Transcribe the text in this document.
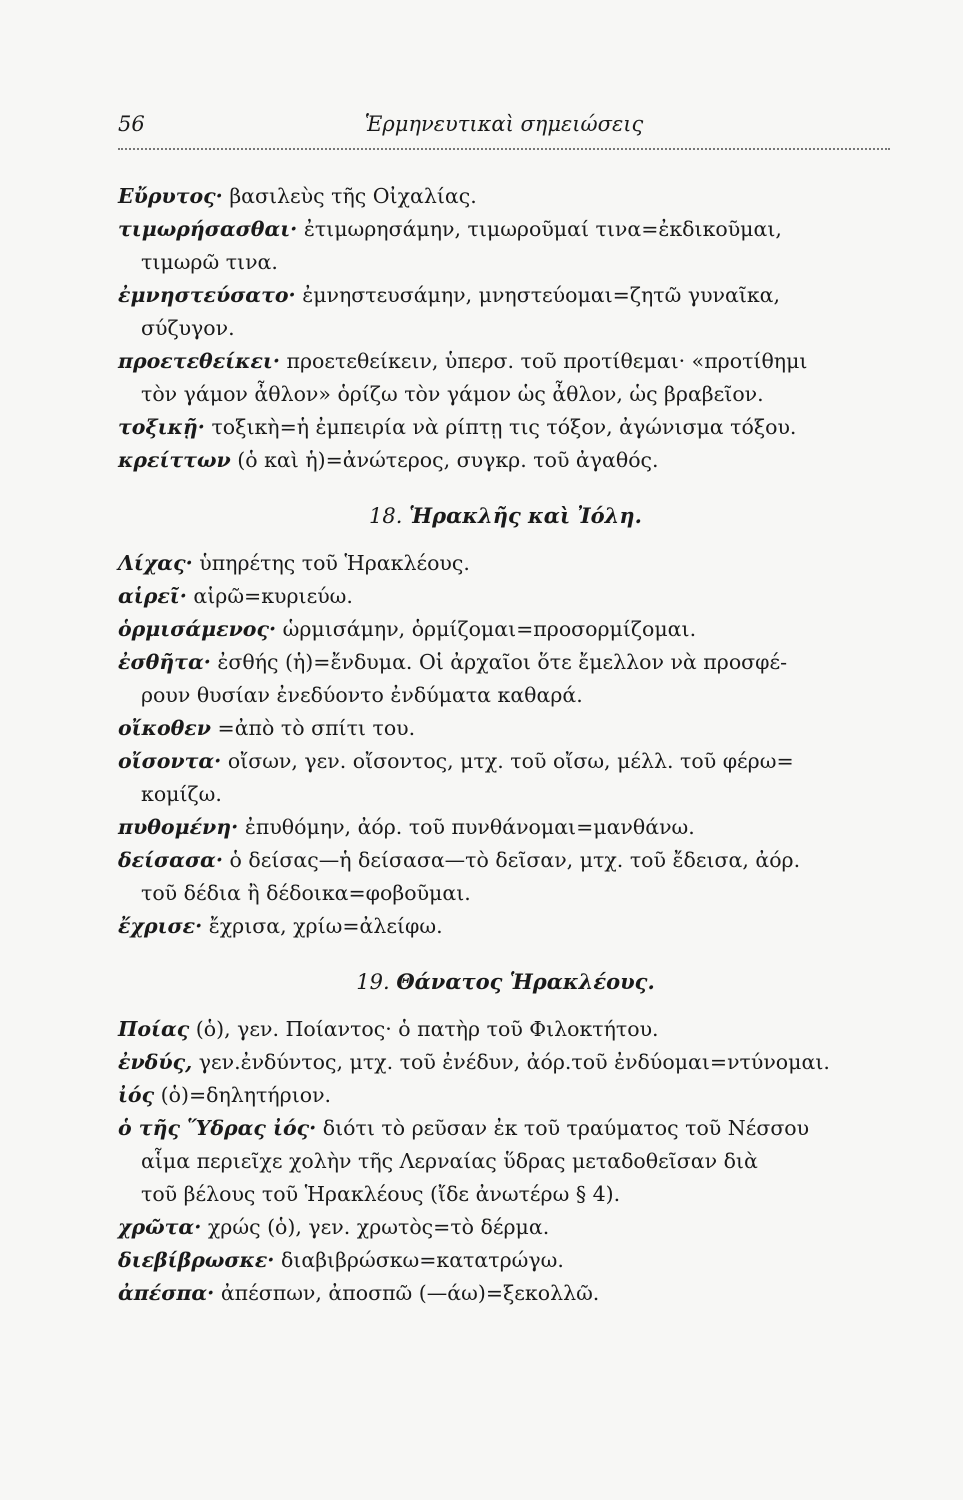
56	Ἑρμηνευτικαὶ σημειώσεις
Εὔρυτος· βασιλεὺς τῆς Οἰχαλίας.
τιμωρήσασθαι· ἐτιμωρησάμην, τιμωροῦμαί τινα=ἐκδικοῦμαι,
τιμωρῶ τινα.
ἐμνηστεύσατο· ἐμνηστευσάμην, μνηστεύομαι=ζητῶ γυναῖκα,
σύζυγον.
προετεθείκει· προετεθείκειν, ὑπερσ. τοῦ προτίθεμαι· «προτίθημι
τὸν γάμον ἆθλον» ὁρίζω τὸν γάμον ὡς ἆθλον, ὡς βραβεῖον.
τοξικῇ· τοξικὴ=ἡ ἐμπειρία νὰ ρίπτῃ τις τόξον, ἀγώνισμα τόξου.
κρείττων (ὁ καὶ ἡ)=ἀνώτερος, συγκρ. τοῦ ἀγαθός.
18. Ἡρακλῆς καὶ Ἰόλη.
Λίχας· ὑπηρέτης τοῦ Ἡρακλέους.
αἱρεῖ· αἱρῶ=κυριεύω.
ὁρμισάμενος· ὡρμισάμην, ὁρμίζομαι=προσορμίζομαι.
ἐσθῆτα· ἐσθής (ἡ)=ἔνδυμα. Οἱ ἀρχαῖοι ὅτε ἔμελλον νὰ προσφέ-
ρουν θυσίαν ἐνεδύοντο ἐνδύματα καθαρά.
οἴκοθεν =ἀπὸ τὸ σπίτι του.
οἴσοντα· οἴσων, γεν. οἴσοντος, μτχ. τοῦ οἴσω, μέλλ. τοῦ φέρω=
κομίζω.
πυθομένη· ἐπυθόμην, ἀόρ. τοῦ πυνθάνομαι=μανθάνω.
δείσασα· ὁ δείσας—ἡ δείσασα—τὸ δεῖσαν, μτχ. τοῦ ἔδεισα, ἀόρ.
τοῦ δέδια ἢ δέδοικα=φοβοῦμαι.
ἔχρισε· ἔχρισα, χρίω=ἀλείφω.
19. Θάνατος Ἡρακλέους.
Ποίας (ὁ), γεν. Ποίαντος· ὁ πατὴρ τοῦ Φιλοκτήτου.
ἐνδύς, γεν.ἐνδύντος, μτχ. τοῦ ἐνέδυν, ἀόρ.τοῦ ἐνδύομαι=ντύνομαι.
ἰός (ὁ)=δηλητήριον.
ὁ τῆς Ὕδρας ἰός· διότι τὸ ρεῦσαν ἐκ τοῦ τραύματος τοῦ Νέσσου
αἷμα περιεῖχε χολὴν τῆς Λερναίας ὕδρας μεταδοθεῖσαν διὰ
τοῦ βέλους τοῦ Ἡρακλέους (ἴδε ἀνωτέρω § 4).
χρῶτα· χρώς (ὁ), γεν. χρωτὸς=τὸ δέρμα.
διεβίβρωσκε· διαβιβρώσκω=κατατρώγω.
ἀπέσπα· ἀπέσπων, ἀποσπῶ (—άω)=ξεκολλῶ.
